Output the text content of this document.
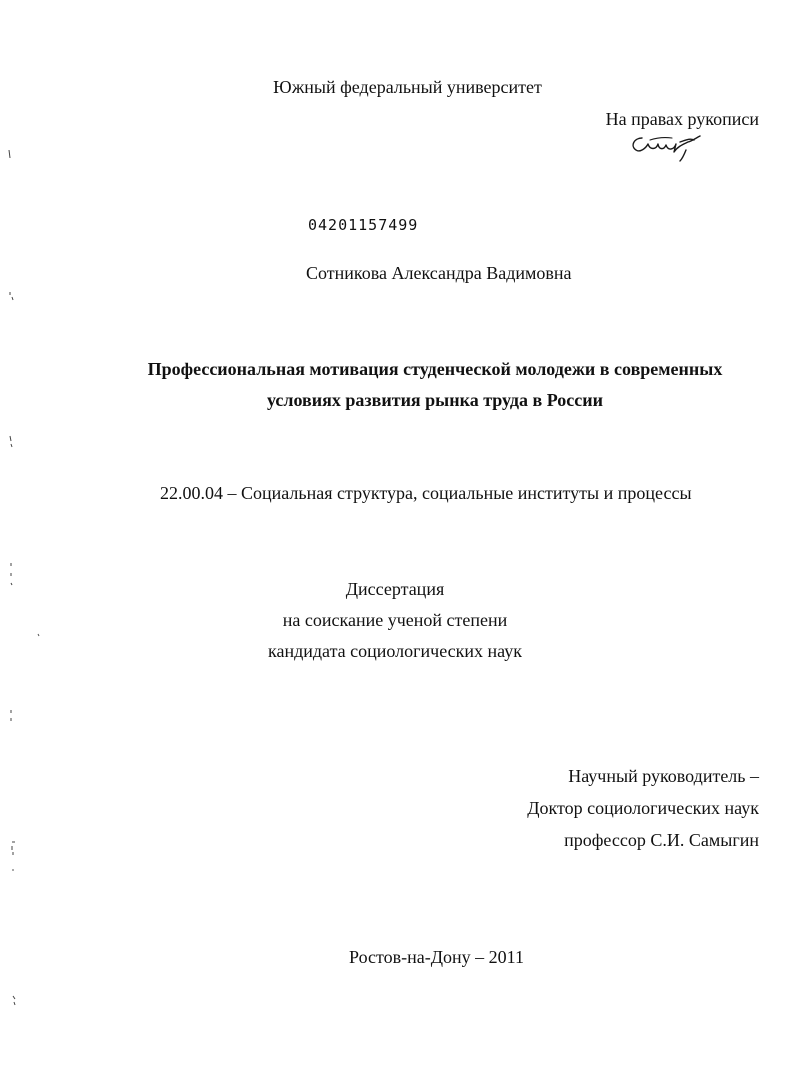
Южный федеральный университет
На правах рукописи
04201157499
Сотникова Александра Вадимовна
Профессиональная мотивация студенческой молодежи в современных
условиях развития рынка труда в России
22.00.04 – Социальная структура, социальные институты и процессы
Диссертация
на соискание ученой степени
кандидата социологических наук
Научный руководитель –
Доктор социологических наук
профессор С.И. Самыгин
Ростов-на-Дону – 2011
